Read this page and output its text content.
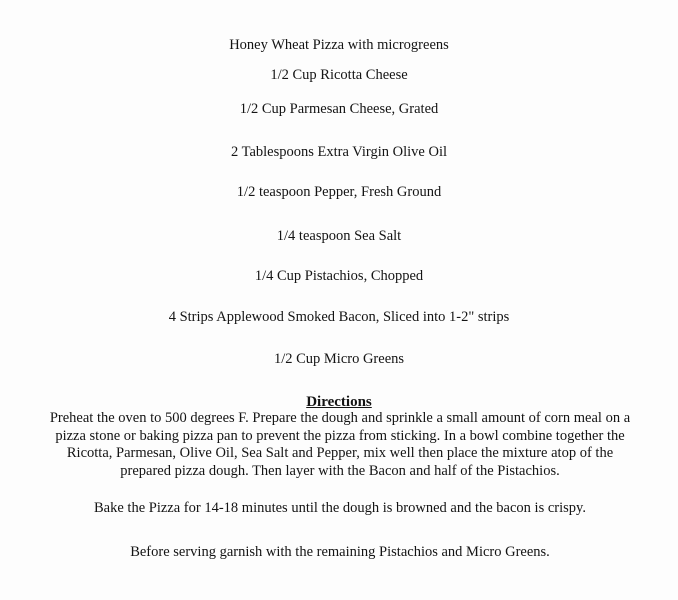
Honey Wheat Pizza with microgreens
1/2 Cup Ricotta Cheese
1/2 Cup Parmesan Cheese, Grated
2 Tablespoons Extra Virgin Olive Oil
1/2 teaspoon Pepper, Fresh Ground
1/4 teaspoon Sea Salt
1/4 Cup Pistachios, Chopped
4 Strips Applewood Smoked Bacon, Sliced into 1-2" strips
1/2 Cup Micro Greens
Directions
Preheat the oven to 500 degrees F. Prepare the dough and sprinkle a small amount of corn meal on a pizza stone or baking pizza pan to prevent the pizza from sticking. In a bowl combine together the Ricotta, Parmesan, Olive Oil, Sea Salt and Pepper, mix well then place the mixture atop of the prepared pizza dough. Then layer with the Bacon and half of the Pistachios.
Bake the Pizza for 14-18 minutes until the dough is browned and the bacon is crispy.
Before serving garnish with the remaining Pistachios and Micro Greens.
